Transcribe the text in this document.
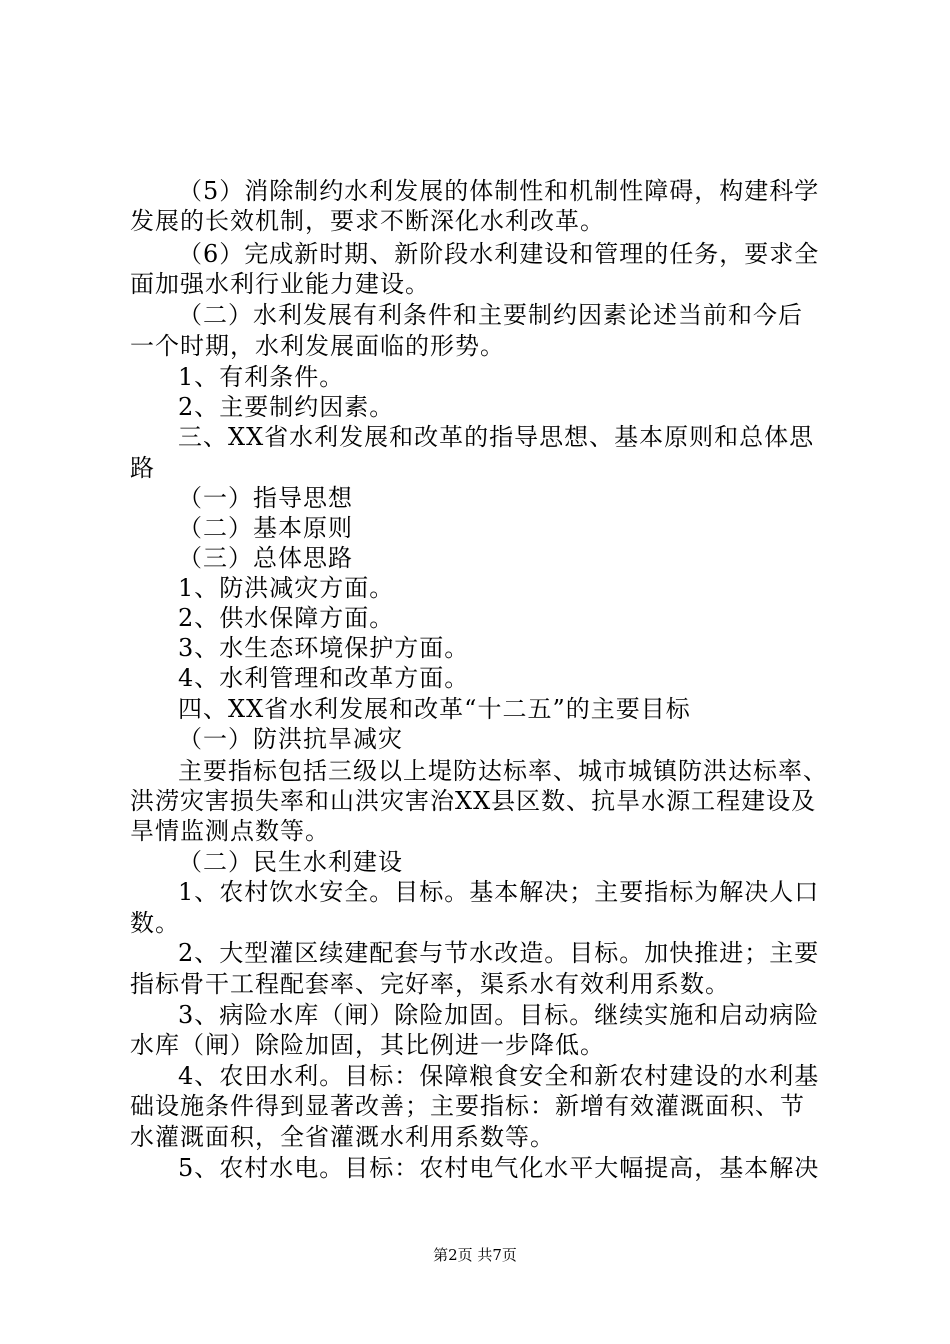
（5）消除制约水利发展的体制性和机制性障碍，构建科学
发展的长效机制，要求不断深化水利改革。
（6）完成新时期、新阶段水利建设和管理的任务，要求全
面加强水利行业能力建设。
（二）水利发展有利条件和主要制约因素论述当前和今后
一个时期，水利发展面临的形势。
1、有利条件。
2、主要制约因素。
三、XX省水利发展和改革的指导思想、基本原则和总体思
路
（一）指导思想
（二）基本原则
（三）总体思路
1、防洪减灾方面。
2、供水保障方面。
3、水生态环境保护方面。
4、水利管理和改革方面。
四、XX省水利发展和改革“十二五”的主要目标
（一）防洪抗旱减灾
主要指标包括三级以上堤防达标率、城市城镇防洪达标率、
洪涝灾害损失率和山洪灾害治XX县区数、抗旱水源工程建设及
旱情监测点数等。
（二）民生水利建设
1、农村饮水安全。目标。基本解决；主要指标为解决人口
数。
2、大型灌区续建配套与节水改造。目标。加快推进；主要
指标骨干工程配套率、完好率，渠系水有效利用系数。
3、病险水库（闸）除险加固。目标。继续实施和启动病险
水库（闸）除险加固，其比例进一步降低。
4、农田水利。目标：保障粮食安全和新农村建设的水利基
础设施条件得到显著改善；主要指标：新增有效灌溉面积、节
水灌溉面积，全省灌溉水利用系数等。
5、农村水电。目标：农村电气化水平大幅提高，基本解决
第2页 共7页
